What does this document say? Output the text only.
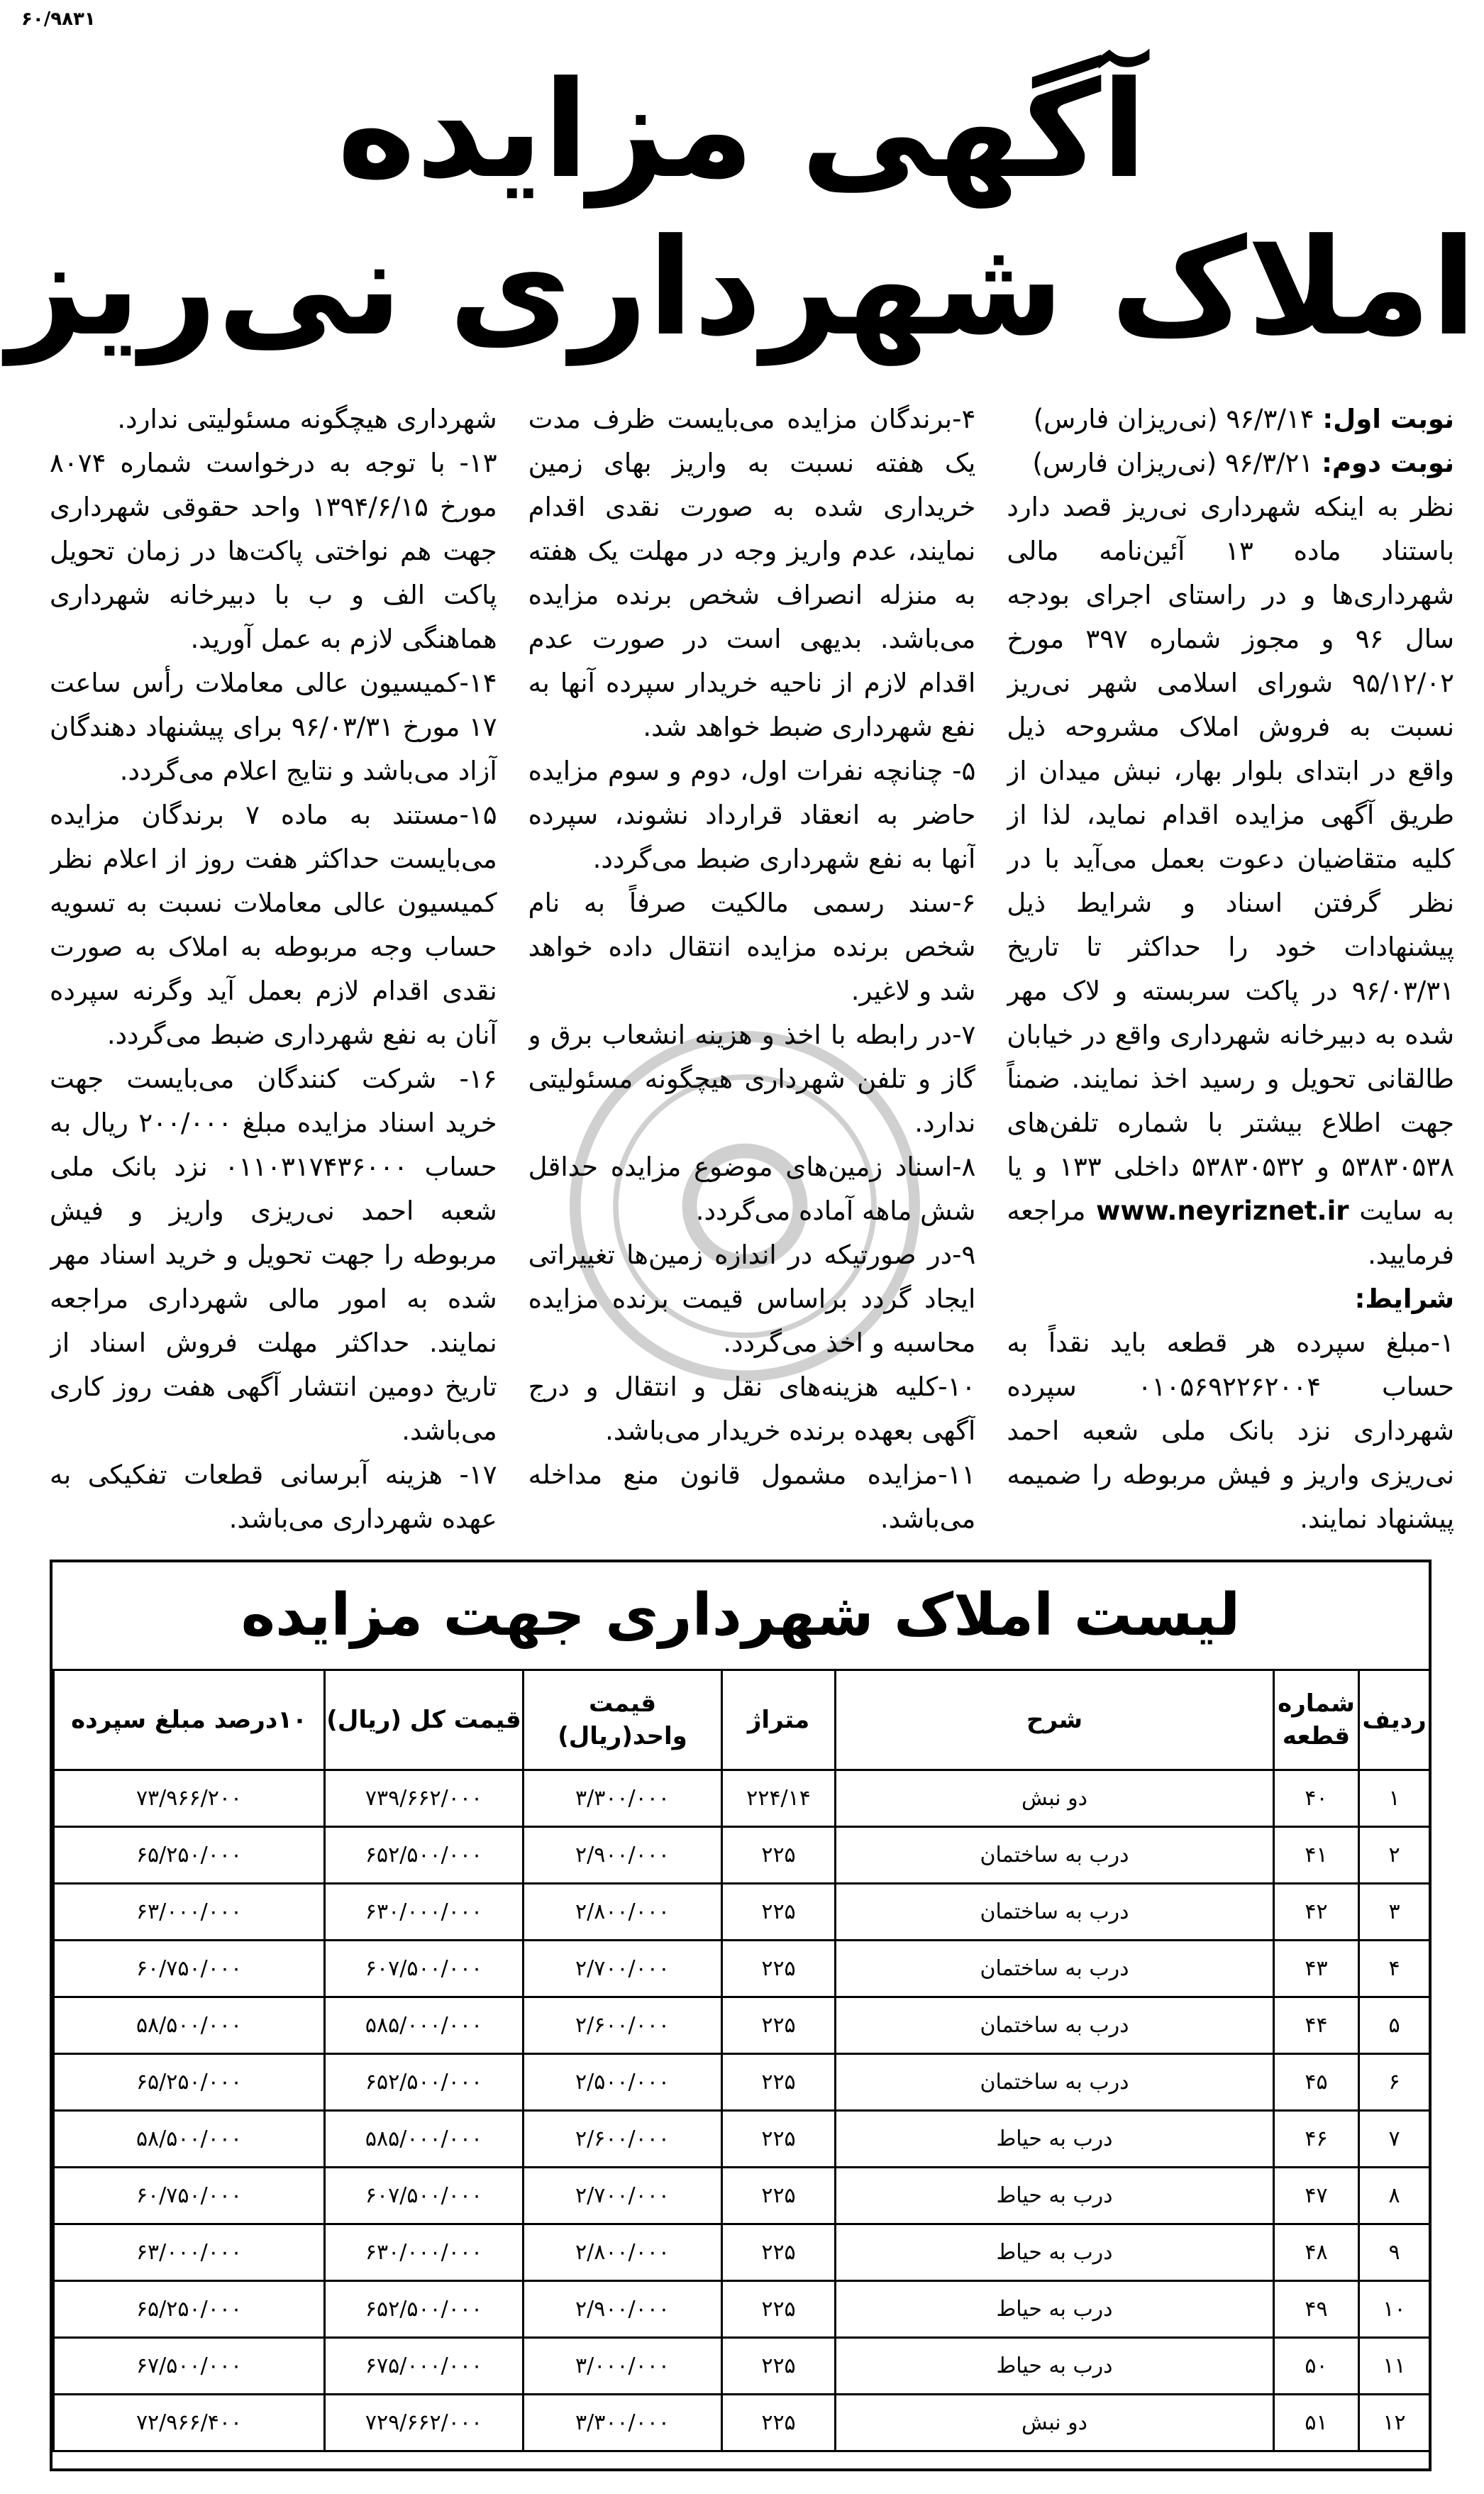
۶۰/۹۸۳۱
آگهی مزایده
املاک شهرداری نی‌ریز

نوبت اول: ۹۶/۳/۱۴ (نی‌ریزان فارس)

نوبت دوم: ۹۶/۳/۲۱ (نی‌ریزان فارس)

نظر به اینکه شهرداری نی‌ریز قصد دارد باستناد ماده ۱۳ آئین‌نامه مالی شهرداری‌ها و در راستای اجرای بودجه سال ۹۶ و مجوز شماره ۳۹۷ مورخ ۹۵/۱۲/۰۲ شورای اسلامی شهر نی‌ریز نسبت به فروش املاک مشروحه ذیل واقع در ابتدای بلوار بهار، نبش میدان از طریق آگهی مزایده اقدام نماید، لذا از کلیه متقاضیان دعوت بعمل می‌آید با در نظر گرفتن اسناد و شرایط ذیل پیشنهادات خود را حداکثر تا تاریخ ۹۶/۰۳/۳۱ در پاکت سربسته و لاک مهر شده به دبیرخانه شهرداری واقع در خیابان طالقانی تحویل و رسید اخذ نمایند. ضمناً جهت اطلاع بیشتر با شماره تلفن‌های ۵۳۸۳۰۵۳۸ و ۵۳۸۳۰۵۳۲ داخلی ۱۳۳ و یا به سایت www.neyriznet.ir مراجعه فرمایید.

شرایط:

۱-مبلغ سپرده هر قطعه باید نقداً به حساب ۰۱۰۵۶۹۲۲۶۲۰۰۴ سپرده شهرداری نزد بانک ملی شعبه احمد نی‌ریزی واریز و فیش مربوطه را ضمیمه پیشنهاد نمایند.

۴-برندگان مزایده می‌بایست ظرف مدت یک هفته نسبت به واریز بهای زمین خریداری شده به صورت نقدی اقدام نمایند، عدم واریز وجه در مهلت یک هفته به منزله انصراف شخص برنده مزایده می‌باشد. بدیهی است در صورت عدم اقدام لازم از ناحیه خریدار سپرده آنها به نفع شهرداری ضبط خواهد شد.

۵- چنانچه نفرات اول، دوم و سوم مزایده حاضر به انعقاد قرارداد نشوند، سپرده آنها به نفع شهرداری ضبط می‌گردد.

۶-سند رسمی مالکیت صرفاً به نام شخص برنده مزایده انتقال داده خواهد شد و لاغیر.

۷-در رابطه با اخذ و هزینه انشعاب برق و گاز و تلفن شهرداری هیچگونه مسئولیتی ندارد.

۸-اسناد زمین‌های موضوع مزایده حداقل شش ماهه آماده می‌گردد.

۹-در صورتیکه در اندازه زمین‌ها تغییراتی ایجاد گردد براساس قیمت برنده مزایده محاسبه و اخذ می‌گردد.

۱۰-کلیه هزینه‌های نقل و انتقال و درج آگهی بعهده برنده خریدار می‌باشد.

۱۱-مزایده مشمول قانون منع مداخله می‌باشد.

شهرداری هیچگونه مسئولیتی ندارد.

۱۳- با توجه به درخواست شماره ۸۰۷۴ مورخ ۱۳۹۴/۶/۱۵ واحد حقوقی شهرداری جهت هم نواختی پاکت‌ها در زمان تحویل پاکت الف و ب با دبیرخانه شهرداری هماهنگی لازم به عمل آورید.

۱۴-کمیسیون عالی معاملات رأس ساعت ۱۷ مورخ ۹۶/۰۳/۳۱ برای پیشنهاد دهندگان آزاد می‌باشد و نتایج اعلام می‌گردد.

۱۵-مستند به ماده ۷ برندگان مزایده می‌بایست حداکثر هفت روز از اعلام نظر کمیسیون عالی معاملات نسبت به تسویه حساب وجه مربوطه به املاک به صورت نقدی اقدام لازم بعمل آید وگرنه سپرده آنان به نفع شهرداری ضبط می‌گردد.

۱۶- شرکت کنندگان می‌بایست جهت خرید اسناد مزایده مبلغ ۲۰۰/۰۰۰ ریال به حساب ۰۱۱۰۳۱۷۴۳۶۰۰۰ نزد بانک ملی شعبه احمد نی‌ریزی واریز و فیش مربوطه را جهت تحویل و خرید اسناد مهر شده به امور مالی شهرداری مراجعه نمایند. حداکثر مهلت فروش اسناد از تاریخ دومین انتشار آگهی هفت روز کاری می‌باشد.

۱۷- هزینه آبرسانی قطعات تفکیکی به عهده شهرداری می‌باشد.

لیست املاک شهرداری جهت مزایده
ردیف	شماره قطعه	شرح	متراژ	قیمت واحد(ریال)	قیمت کل (ریال)	۱۰درصد مبلغ سپرده
۱	۴۰	دو نبش	۲۲۴/۱۴	۳/۳۰۰/۰۰۰	۷۳۹/۶۶۲/۰۰۰	۷۳/۹۶۶/۲۰۰
۲	۴۱	درب به ساختمان	۲۲۵	۲/۹۰۰/۰۰۰	۶۵۲/۵۰۰/۰۰۰	۶۵/۲۵۰/۰۰۰
۳	۴۲	درب به ساختمان	۲۲۵	۲/۸۰۰/۰۰۰	۶۳۰/۰۰۰/۰۰۰	۶۳/۰۰۰/۰۰۰
۴	۴۳	درب به ساختمان	۲۲۵	۲/۷۰۰/۰۰۰	۶۰۷/۵۰۰/۰۰۰	۶۰/۷۵۰/۰۰۰
۵	۴۴	درب به ساختمان	۲۲۵	۲/۶۰۰/۰۰۰	۵۸۵/۰۰۰/۰۰۰	۵۸/۵۰۰/۰۰۰
۶	۴۵	درب به ساختمان	۲۲۵	۲/۵۰۰/۰۰۰	۶۵۲/۵۰۰/۰۰۰	۶۵/۲۵۰/۰۰۰
۷	۴۶	درب به حیاط	۲۲۵	۲/۶۰۰/۰۰۰	۵۸۵/۰۰۰/۰۰۰	۵۸/۵۰۰/۰۰۰
۸	۴۷	درب به حیاط	۲۲۵	۲/۷۰۰/۰۰۰	۶۰۷/۵۰۰/۰۰۰	۶۰/۷۵۰/۰۰۰
۹	۴۸	درب به حیاط	۲۲۵	۲/۸۰۰/۰۰۰	۶۳۰/۰۰۰/۰۰۰	۶۳/۰۰۰/۰۰۰
۱۰	۴۹	درب به حیاط	۲۲۵	۲/۹۰۰/۰۰۰	۶۵۲/۵۰۰/۰۰۰	۶۵/۲۵۰/۰۰۰
۱۱	۵۰	درب به حیاط	۲۲۵	۳/۰۰۰/۰۰۰	۶۷۵/۰۰۰/۰۰۰	۶۷/۵۰۰/۰۰۰
۱۲	۵۱	دو نبش	۲۲۵	۳/۳۰۰/۰۰۰	۷۲۹/۶۶۲/۰۰۰	۷۲/۹۶۶/۴۰۰
